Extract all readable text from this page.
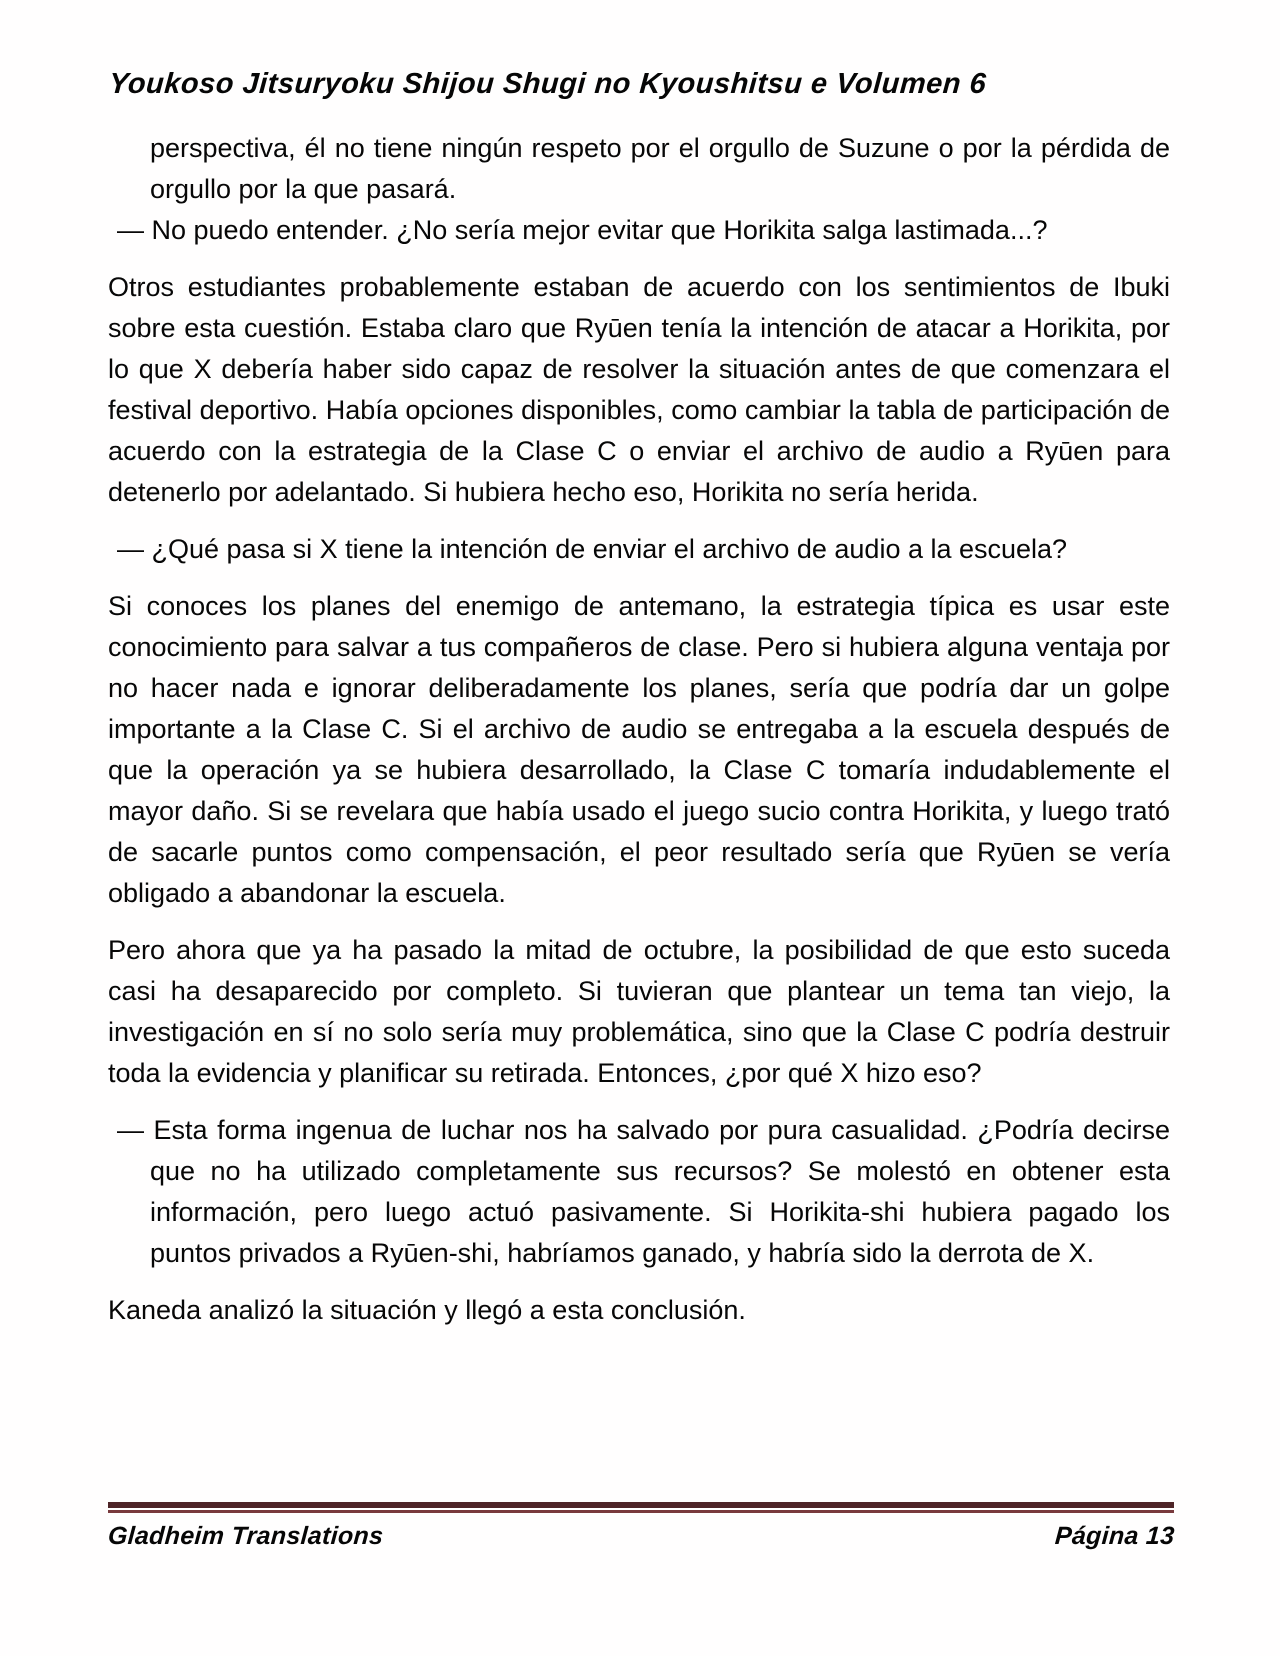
Youkoso Jitsuryoku Shijou Shugi no Kyoushitsu e Volumen 6

perspectiva, él no tiene ningún respeto por el orgullo de Suzune o por la pérdida de orgullo por la que pasará.

— No puedo entender. ¿No sería mejor evitar que Horikita salga lastimada...?

Otros estudiantes probablemente estaban de acuerdo con los sentimientos de Ibuki sobre esta cuestión. Estaba claro que Ryūen tenía la intención de atacar a Horikita, por lo que X debería haber sido capaz de resolver la situación antes de que comenzara el festival deportivo. Había opciones disponibles, como cambiar la tabla de participación de acuerdo con la estrategia de la Clase C o enviar el archivo de audio a Ryūen para detenerlo por adelantado. Si hubiera hecho eso, Horikita no sería herida.

— ¿Qué pasa si X tiene la intención de enviar el archivo de audio a la escuela?

Si conoces los planes del enemigo de antemano, la estrategia típica es usar este conocimiento para salvar a tus compañeros de clase. Pero si hubiera alguna ventaja por no hacer nada e ignorar deliberadamente los planes, sería que podría dar un golpe importante a la Clase C. Si el archivo de audio se entregaba a la escuela después de que la operación ya se hubiera desarrollado, la Clase C tomaría indudablemente el mayor daño. Si se revelara que había usado el juego sucio contra Horikita, y luego trató de sacarle puntos como compensación, el peor resultado sería que Ryūen se vería obligado a abandonar la escuela.

Pero ahora que ya ha pasado la mitad de octubre, la posibilidad de que esto suceda casi ha desaparecido por completo. Si tuvieran que plantear un tema tan viejo, la investigación en sí no solo sería muy problemática, sino que la Clase C podría destruir toda la evidencia y planificar su retirada. Entonces, ¿por qué X hizo eso?

— Esta forma ingenua de luchar nos ha salvado por pura casualidad. ¿Podría decirse que no ha utilizado completamente sus recursos? Se molestó en obtener esta información, pero luego actuó pasivamente. Si Horikita-shi hubiera pagado los puntos privados a Ryūen-shi, habríamos ganado, y habría sido la derrota de X.

Kaneda analizó la situación y llegó a esta conclusión.

Gladheim Translations	Página 13
